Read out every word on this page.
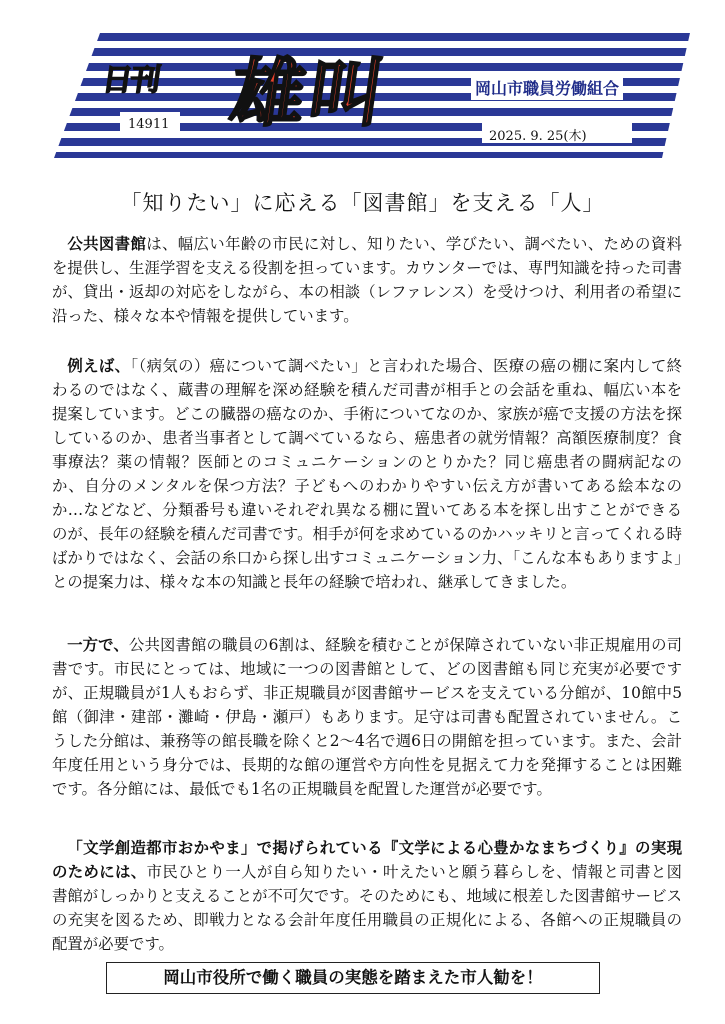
日刊 雄叫	岡山市職員労働組合
14911
2025. 9. 25(木)
「知りたい」に応える「図書館」を支える「人」

公共図書館は、幅広い年齢の市民に対し、知りたい、学びたい、調べたい、ための資料を提供し、生涯学習を支える役割を担っています。カウンターでは、専門知識を持った司書が、貸出・返却の対応をしながら、本の相談（レファレンス）を受けつけ、利用者の希望に沿った、様々な本や情報を提供しています。

例えば、「（病気の）癌について調べたい」と言われた場合、医療の癌の棚に案内して終わるのではなく、蔵書の理解を深め経験を積んだ司書が相手との会話を重ね、幅広い本を提案しています。どこの臓器の癌なのか、手術についてなのか、家族が癌で支援の方法を探しているのか、患者当事者として調べているなら、癌患者の就労情報？高額医療制度？食事療法？薬の情報？医師とのコミュニケーションのとりかた？同じ癌患者の闘病記なのか、自分のメンタルを保つ方法？子どもへのわかりやすい伝え方が書いてある絵本なのか…などなど、分類番号も違いそれぞれ異なる棚に置いてある本を探し出すことができるのが、長年の経験を積んだ司書です。相手が何を求めているのかハッキリと言ってくれる時ばかりではなく、会話の糸口から探し出すコミュニケーション力、「こんな本もありますよ」との提案力は、様々な本の知識と長年の経験で培われ、継承してきました。

一方で、公共図書館の職員の6割は、経験を積むことが保障されていない非正規雇用の司書です。市民にとっては、地域に一つの図書館として、どの図書館も同じ充実が必要ですが、正規職員が1人もおらず、非正規職員が図書館サービスを支えている分館が、10館中5館（御津・建部・灘崎・伊島・瀬戸）もあります。足守は司書も配置されていません。こうした分館は、兼務等の館長職を除くと2～4名で週6日の開館を担っています。また、会計年度任用という身分では、長期的な館の運営や方向性を見据えて力を発揮することは困難です。各分館には、最低でも1名の正規職員を配置した運営が必要です。

「文学創造都市おかやま」で掲げられている『文学による心豊かなまちづくり』の実現のためには、市民ひとり一人が自ら知りたい・叶えたいと願う暮らしを、情報と司書と図書館がしっかりと支えることが不可欠です。そのためにも、地域に根差した図書館サービスの充実を図るため、即戦力となる会計年度任用職員の正規化による、各館への正規職員の配置が必要です。

岡山市役所で働く職員の実態を踏まえた市人勧を！
